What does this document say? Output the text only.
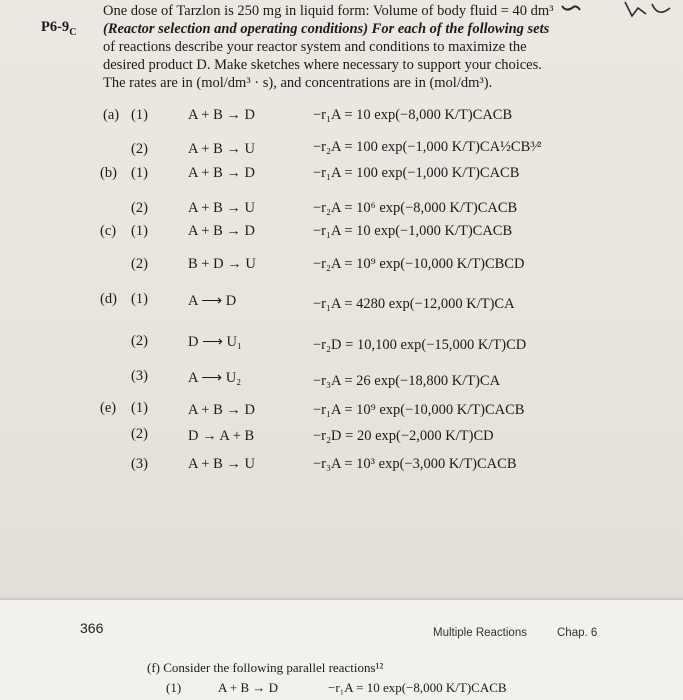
$P6-9_C$
One dose of Tarzlon is 250 mg in liquid form: Volume of body fluid = 40 dm³
(Reactor selection and operating conditions) For each of the following sets
of reactions describe your reactor system and conditions to maximize the
desired product D. Make sketches where necessary to support your choices.
The rates are in (mol/dm³ · s), and concentrations are in (mol/dm³).
(a) (1)	A + B → D	−r₁A = 10 exp(−8,000 K/T)CACB
(2)	A + B → U	−r₂A = 100 exp(−1,000 K/T)CA½CB³⁄²
(b) (1)	A + B → D	−r₁A = 100 exp(−1,000 K/T)CACB
(2)	A + B → U	−r₂A = 10⁶ exp(−8,000 K/T)CACB
(c) (1)	A + B → D	−r₁A = 10 exp(−1,000 K/T)CACB
(2)	B + D → U	−r₂A = 10⁹ exp(−10,000 K/T)CBCD
(d) (1)	A ⟶ D	−r₁A = 4280 exp(−12,000 K/T)CA
(2)	D ⟶ U₁	−r₂D = 10,100 exp(−15,000 K/T)CD
(3)	A ⟶ U₂	−r₃A = 26 exp(−18,800 K/T)CA
(e) (1)	A + B → D	−r₁A = 10⁹ exp(−10,000 K/T)CACB
(2)	D → A + B	−r₂D = 20 exp(−2,000 K/T)CD
(3)	A + B → U	−r₃A = 10³ exp(−3,000 K/T)CACB
366	Multiple Reactions	Chap. 6
(f) Consider the following parallel reactions¹²
(1)	A + B → D	−r₁A = 10 exp(−8,000 K/T)CACB
